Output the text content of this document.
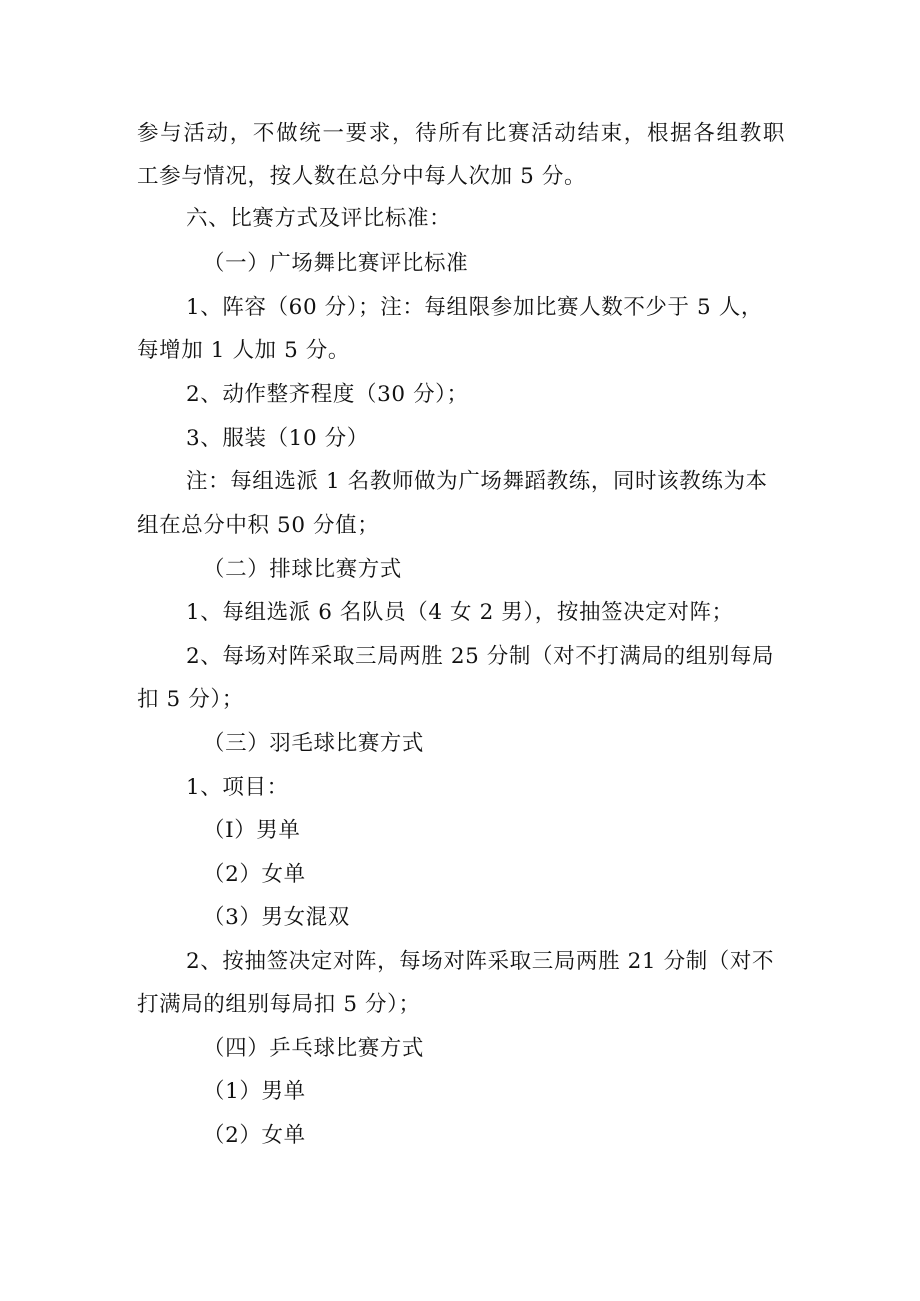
参与活动，不做统一要求，待所有比赛活动结束，根据各组教职
工参与情况，按人数在总分中每人次加 5 分。
六、比赛方式及评比标准：
（一）广场舞比赛评比标准
1、阵容（60 分）；注：每组限参加比赛人数不少于 5 人，
每增加 1 人加 5 分。
2、动作整齐程度（30 分）；
3、服装（10 分）
注：每组选派 1 名教师做为广场舞蹈教练，同时该教练为本
组在总分中积 50 分值；
（二）排球比赛方式
1、每组选派 6 名队员（4 女 2 男），按抽签决定对阵；
2、每场对阵采取三局两胜 25 分制（对不打满局的组别每局
扣 5 分）；
（三）羽毛球比赛方式
1、项目：
（I）男单
（2）女单
（3）男女混双
2、按抽签决定对阵，每场对阵采取三局两胜 21 分制（对不
打满局的组别每局扣 5 分）；
（四）乒乓球比赛方式
（1）男单
（2）女单
